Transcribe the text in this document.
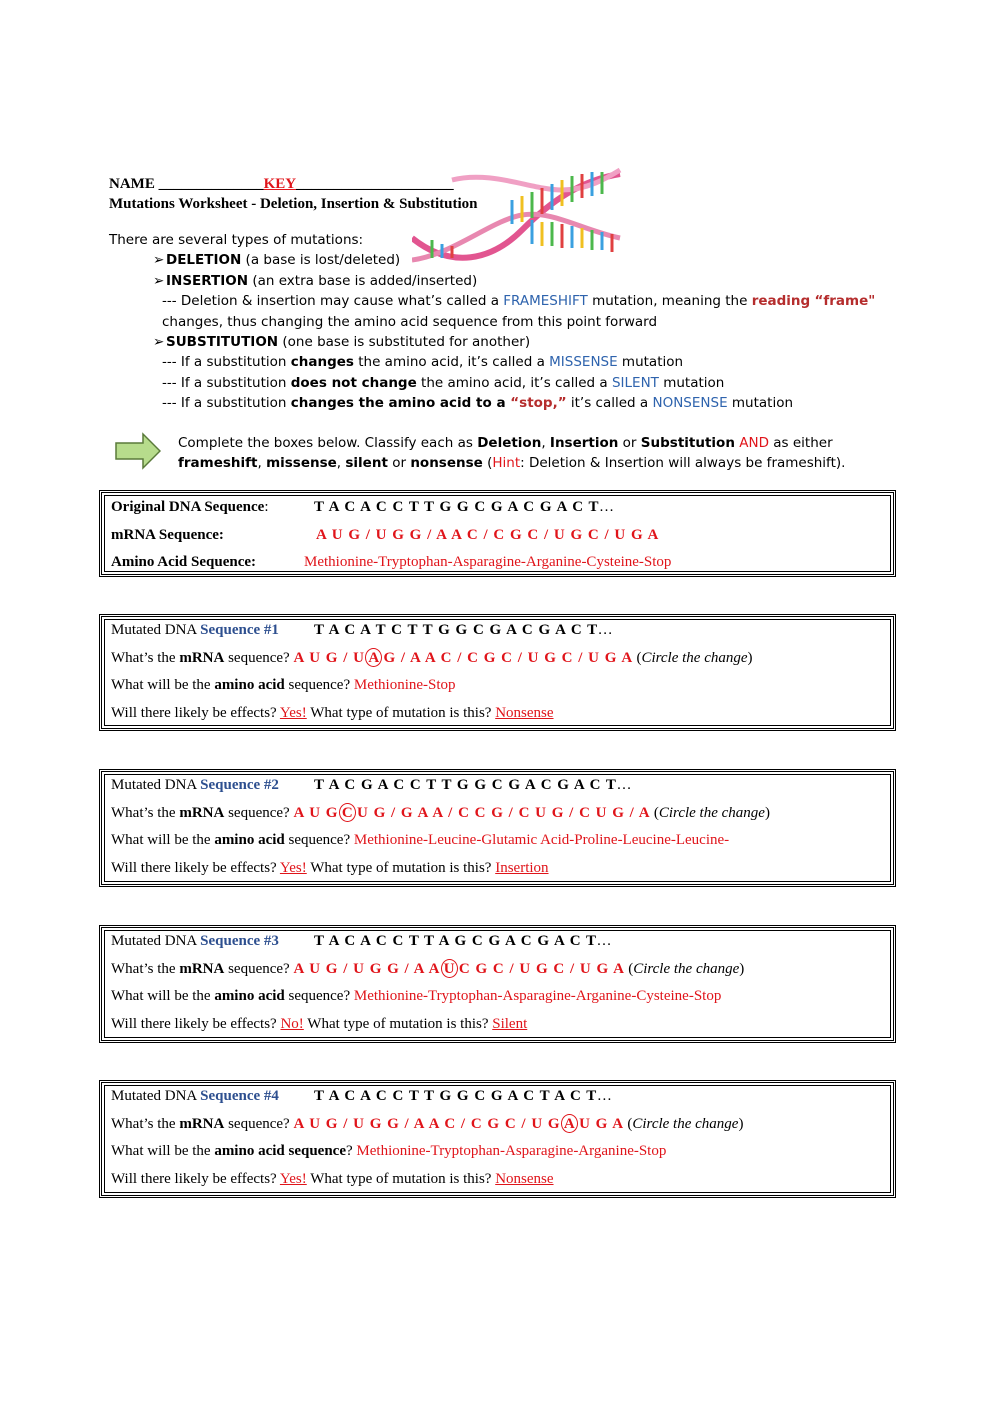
NAME ______________KEY_____________________
Mutations Worksheet - Deletion, Insertion & Substitution
There are several types of mutations:
➢ DELETION (a base is lost/deleted)
➢ INSERTION (an extra base is added/inserted)
--- Deletion & insertion may cause what’s called a FRAMESHIFT mutation, meaning the reading “frame"
changes, thus changing the amino acid sequence from this point forward
➢ SUBSTITUTION (one base is substituted for another)
--- If a substitution changes the amino acid, it’s called a MISSENSE mutation
--- If a substitution does not change the amino acid, it’s called a SILENT mutation
--- If a substitution changes the amino acid to a “stop,” it’s called a NONSENSE mutation
Complete the boxes below. Classify each as Deletion, Insertion or Substitution AND as either
frameshift, missense, silent or nonsense (Hint: Deletion & Insertion will always be frameshift).
Original DNA Sequence:	T A C A C C T T G G C G A C G A C T…
mRNA Sequence:	A U G / U G G / A A C / C G C / U G C / U G A
Amino Acid Sequence:	Methionine-Tryptophan-Asparagine-Arganine-Cysteine-Stop
Mutated DNA Sequence #1 T A C A T C T T G G C G A C G A C T…
What’s the mRNA sequence? A U G / U A G / A A C / C G C / U G C / U G A (Circle the change)
What will be the amino acid sequence? Methionine-Stop
Will there likely be effects? Yes! What type of mutation is this? Nonsense
Mutated DNA Sequence #2 T A C G A C C T T G G C G A C G A C T…
What’s the mRNA sequence? A U G C U G / G A A / C C G / C U G / C U G / A (Circle the change)
What will be the amino acid sequence? Methionine-Leucine-Glutamic Acid-Proline-Leucine-Leucine-
Will there likely be effects? Yes! What type of mutation is this? Insertion
Mutated DNA Sequence #3 T A C A C C T T A G C G A C G A C T…
What’s the mRNA sequence? A U G / U G G / A A U C G C / U G C / U G A (Circle the change)
What will be the amino acid sequence? Methionine-Tryptophan-Asparagine-Arganine-Cysteine-Stop
Will there likely be effects? No! What type of mutation is this? Silent
Mutated DNA Sequence #4 T A C A C C T T G G C G A C T A C T…
What’s the mRNA sequence? A U G / U G G / A A C / C G C / U G A U G A (Circle the change)
What will be the amino acid sequence? Methionine-Tryptophan-Asparagine-Arganine-Stop
Will there likely be effects? Yes! What type of mutation is this? Nonsense
